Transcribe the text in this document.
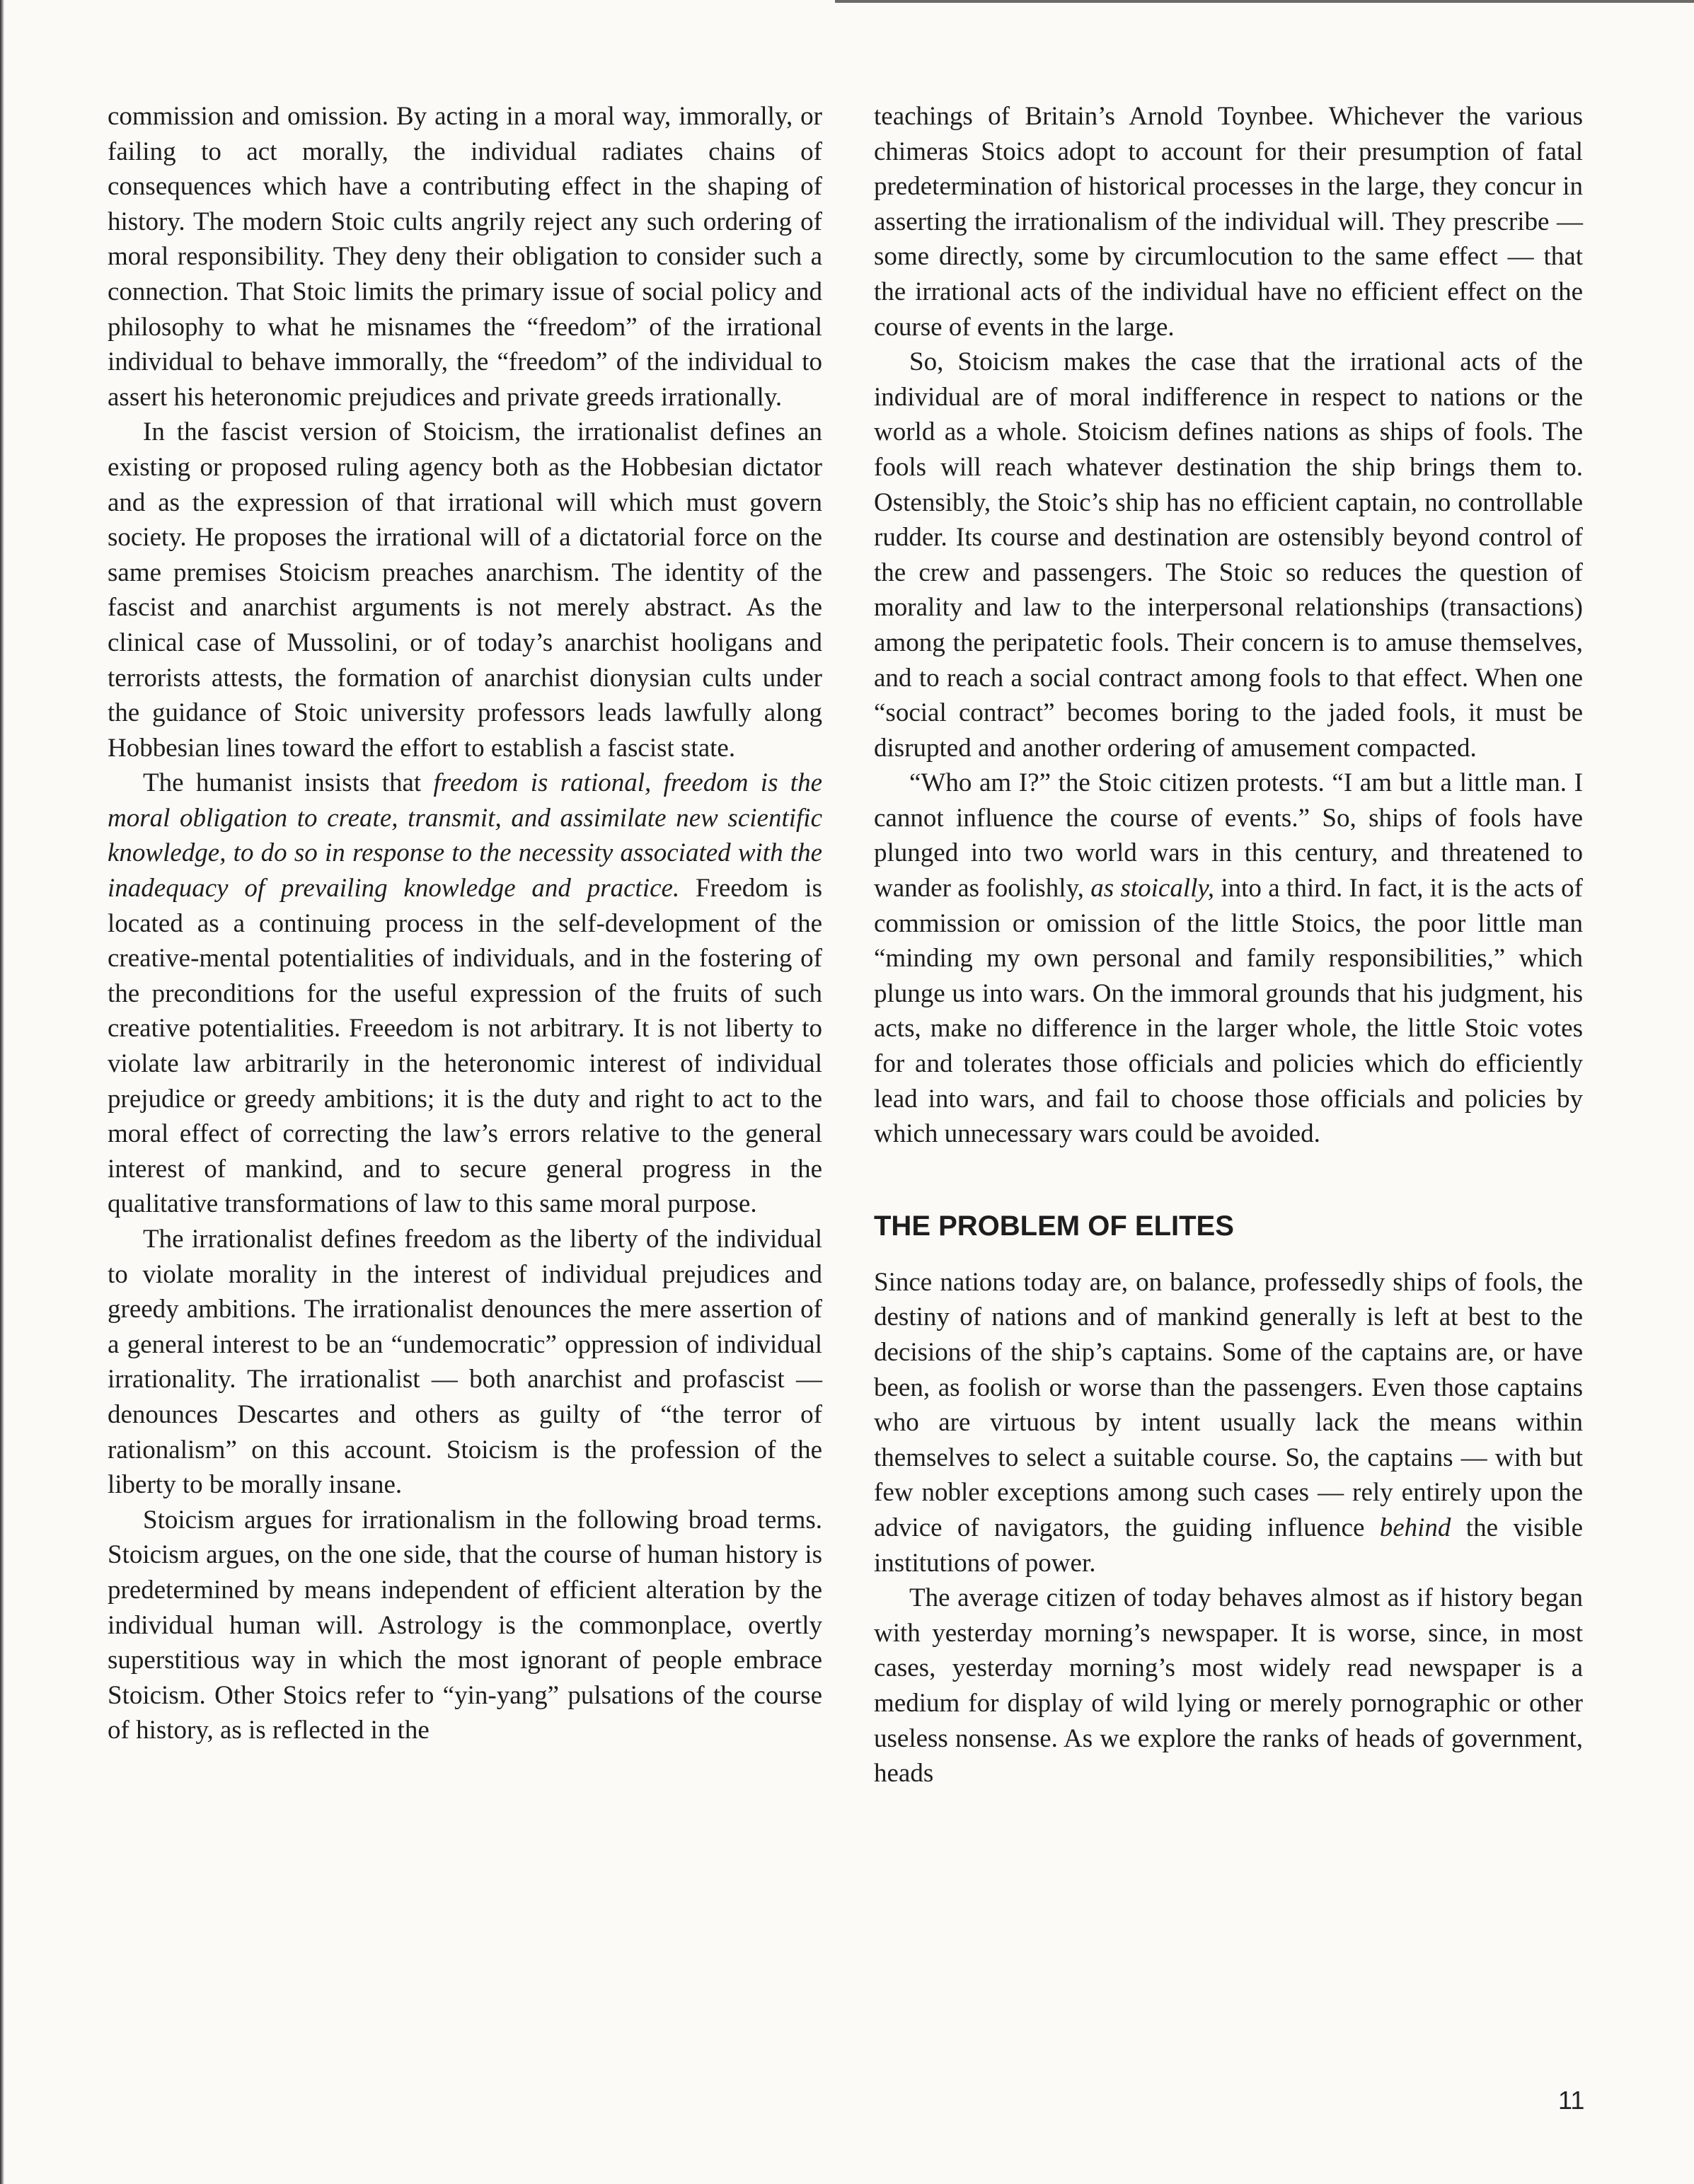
commission and omission. By acting in a moral way, immorally, or failing to act morally, the individual radiates chains of consequences which have a contributing effect in the shaping of history. The modern Stoic cults angrily reject any such ordering of moral responsibility. They deny their obligation to consider such a connection. That Stoic limits the primary issue of social policy and philosophy to what he misnames the “freedom” of the irrational individual to behave immorally, the “freedom” of the individual to assert his heteronomic prejudices and private greeds irrationally.

In the fascist version of Stoicism, the irrationalist defines an existing or proposed ruling agency both as the Hobbesian dictator and as the expression of that irrational will which must govern society. He proposes the irrational will of a dictatorial force on the same premises Stoicism preaches anarchism. The identity of the fascist and anarchist arguments is not merely abstract. As the clinical case of Mussolini, or of today’s anarchist hooligans and terrorists attests, the formation of anarchist dionysian cults under the guidance of Stoic university professors leads lawfully along Hobbesian lines toward the effort to establish a fascist state.

The humanist insists that freedom is rational, freedom is the moral obligation to create, transmit, and assimilate new scientific knowledge, to do so in response to the necessity associated with the inadequacy of prevailing knowledge and practice. Freedom is located as a continuing process in the self-development of the creative-mental potentialities of individuals, and in the fostering of the preconditions for the useful expression of the fruits of such creative potentialities. Freeedom is not arbitrary. It is not liberty to violate law arbitrarily in the heteronomic interest of individual prejudice or greedy ambitions; it is the duty and right to act to the moral effect of correcting the law’s errors relative to the general interest of mankind, and to secure general progress in the qualitative transformations of law to this same moral purpose.

The irrationalist defines freedom as the liberty of the individual to violate morality in the interest of individual prejudices and greedy ambitions. The irrationalist denounces the mere assertion of a general interest to be an “undemocratic” oppression of individual irrationality. The irrationalist — both anarchist and profascist — denounces Descartes and others as guilty of “the terror of rationalism” on this account. Stoicism is the profession of the liberty to be morally insane.

Stoicism argues for irrationalism in the following broad terms. Stoicism argues, on the one side, that the course of human history is predetermined by means independent of efficient alteration by the individual human will. Astrology is the commonplace, overtly superstitious way in which the most ignorant of people embrace Stoicism. Other Stoics refer to “yin-yang” pulsations of the course of history, as is reflected in the

teachings of Britain’s Arnold Toynbee. Whichever the various chimeras Stoics adopt to account for their presumption of fatal predetermination of historical processes in the large, they concur in asserting the irrationalism of the individual will. They prescribe — some directly, some by circumlocution to the same effect — that the irrational acts of the individual have no efficient effect on the course of events in the large.

So, Stoicism makes the case that the irrational acts of the individual are of moral indifference in respect to nations or the world as a whole. Stoicism defines nations as ships of fools. The fools will reach whatever destination the ship brings them to. Ostensibly, the Stoic’s ship has no efficient captain, no controllable rudder. Its course and destination are ostensibly beyond control of the crew and passengers. The Stoic so reduces the question of morality and law to the interpersonal relationships (transactions) among the peripatetic fools. Their concern is to amuse themselves, and to reach a social contract among fools to that effect. When one “social contract” becomes boring to the jaded fools, it must be disrupted and another ordering of amusement compacted.

“Who am I?” the Stoic citizen protests. “I am but a little man. I cannot influence the course of events.” So, ships of fools have plunged into two world wars in this century, and threatened to wander as foolishly, as stoically, into a third. In fact, it is the acts of commission or omission of the little Stoics, the poor little man “minding my own personal and family responsibilities,” which plunge us into wars. On the immoral grounds that his judgment, his acts, make no difference in the larger whole, the little Stoic votes for and tolerates those officials and policies which do efficiently lead into wars, and fail to choose those officials and policies by which unnecessary wars could be avoided.

THE PROBLEM OF ELITES

Since nations today are, on balance, professedly ships of fools, the destiny of nations and of mankind generally is left at best to the decisions of the ship’s captains. Some of the captains are, or have been, as foolish or worse than the passengers. Even those captains who are virtuous by intent usually lack the means within themselves to select a suitable course. So, the captains — with but few nobler exceptions among such cases — rely entirely upon the advice of navigators, the guiding influence behind the visible institutions of power.

The average citizen of today behaves almost as if history began with yesterday morning’s newspaper. It is worse, since, in most cases, yesterday morning’s most widely read newspaper is a medium for display of wild lying or merely pornographic or other useless nonsense. As we explore the ranks of heads of government, heads

11
